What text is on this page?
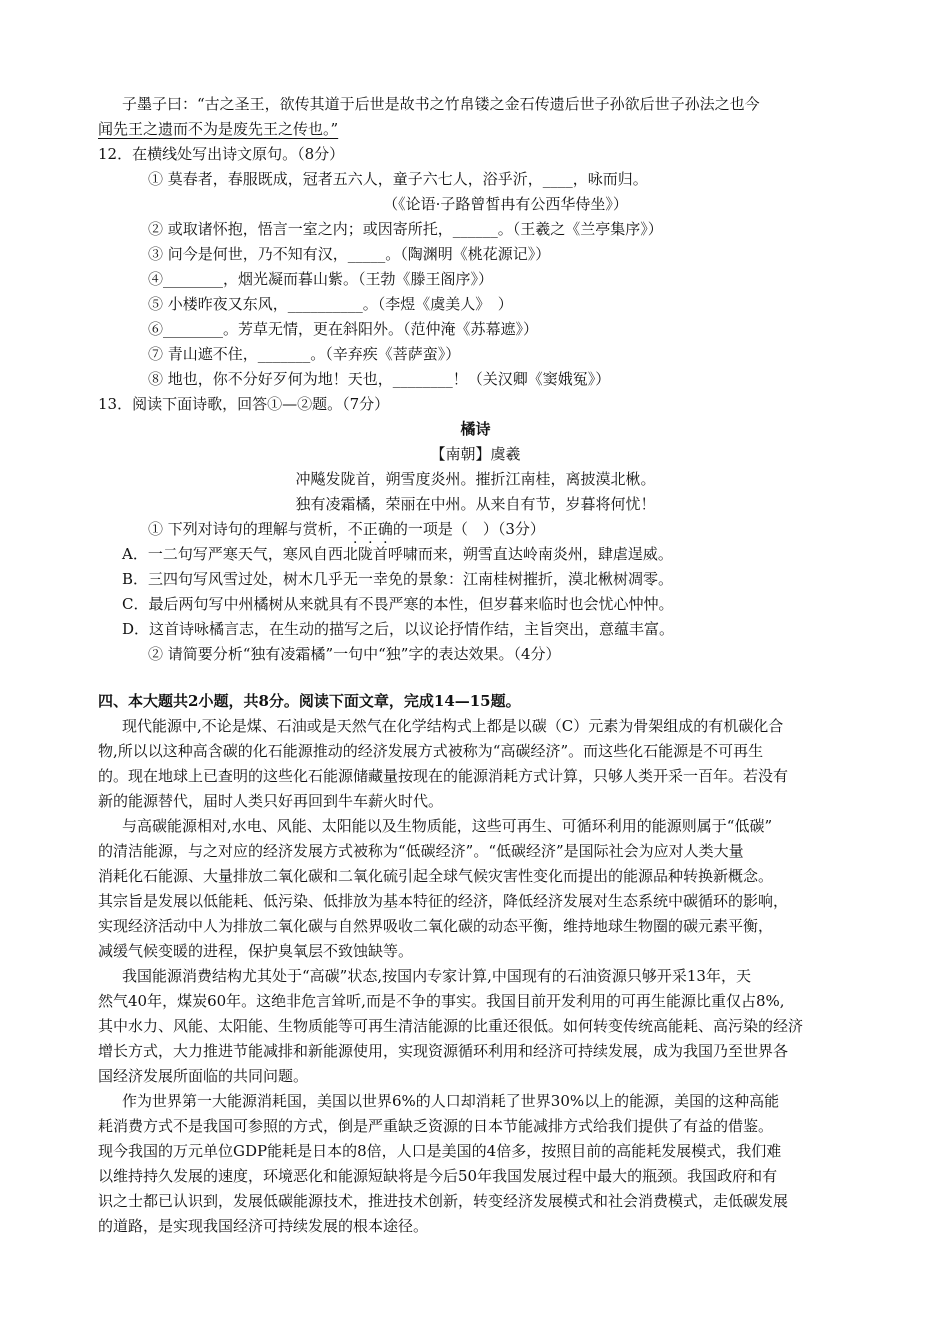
子墨子曰：“古之圣王，欲传其道于后世是故书之竹帛镂之金石传遗后世子孙欲后世子孙法之也今
闻先王之遗而不为是废先王之传也。”
12．在横线处写出诗文原句。（8分）
① 莫春者，春服既成，冠者五六人，童子六七人，浴乎沂，____，咏而归。
（《论语·子路曾皙冉有公西华侍坐》）
② 或取诸怀抱，悟言一室之内；或因寄所托，______。（王羲之《兰亭集序》）
③ 问今是何世，乃不知有汉，_____。（陶渊明《桃花源记》）
④________，烟光凝而暮山紫。（王勃《滕王阁序》）
⑤ 小楼昨夜又东风，__________。（李煜《虞美人》　）
⑥________。芳草无情，更在斜阳外。（范仲淹《苏幕遮》）
⑦ 青山遮不住，_______。（辛弃疾《菩萨蛮》）
⑧ 地也，你不分好歹何为地！天也，________！（关汉卿《窦娥冤》）
13．阅读下面诗歌，回答①—②题。（7分）
橘诗
【南朝】虞羲
冲飚发陇首，朔雪度炎州。摧折江南桂，离披漠北楸。
独有凌霜橘，荣丽在中州。从来自有节，岁暮将何忧！
① 下列对诗句的理解与赏析，不正确的一项是（　）（3分）
A．一二句写严寒天气，寒风自西北陇首呼啸而来，朔雪直达岭南炎州，肆虐逞威。
B．三四句写风雪过处，树木几乎无一幸免的景象：江南桂树摧折，漠北楸树凋零。
C．最后两句写中州橘树从来就具有不畏严寒的本性，但岁暮来临时也会忧心忡忡。
D．这首诗咏橘言志，在生动的描写之后，以议论抒情作结，主旨突出，意蕴丰富。
② 请简要分析“独有凌霜橘”一句中“独”字的表达效果。（4分）
四、本大题共2小题，共8分。阅读下面文章，完成14—15题。
现代能源中,不论是煤、石油或是天然气在化学结构式上都是以碳（C）元素为骨架组成的有机碳化合
物,所以以这种高含碳的化石能源推动的经济发展方式被称为“高碳经济”。而这些化石能源是不可再生
的。现在地球上已查明的这些化石能源储藏量按现在的能源消耗方式计算，只够人类开采一百年。若没有
新的能源替代，届时人类只好再回到牛车薪火时代。
与高碳能源相对,水电、风能、太阳能以及生物质能，这些可再生、可循环利用的能源则属于“低碳”
的清洁能源，与之对应的经济发展方式被称为“低碳经济”。“低碳经济”是国际社会为应对人类大量
消耗化石能源、大量排放二氧化碳和二氧化硫引起全球气候灾害性变化而提出的能源品种转换新概念。
其宗旨是发展以低能耗、低污染、低排放为基本特征的经济，降低经济发展对生态系统中碳循环的影响，
实现经济活动中人为排放二氧化碳与自然界吸收二氧化碳的动态平衡，维持地球生物圈的碳元素平衡，
减缓气候变暖的进程，保护臭氧层不致蚀缺等。
我国能源消费结构尤其处于“高碳”状态,按国内专家计算,中国现有的石油资源只够开采13年，天
然气40年，煤炭60年。这绝非危言耸听,而是不争的事实。我国目前开发利用的可再生能源比重仅占8%,
其中水力、风能、太阳能、生物质能等可再生清洁能源的比重还很低。如何转变传统高能耗、高污染的经济
增长方式，大力推进节能减排和新能源使用，实现资源循环利用和经济可持续发展，成为我国乃至世界各
国经济发展所面临的共同问题。
作为世界第一大能源消耗国，美国以世界6%的人口却消耗了世界30%以上的能源，美国的这种高能
耗消费方式不是我国可参照的方式，倒是严重缺乏资源的日本节能减排方式给我们提供了有益的借鉴。
现今我国的万元单位GDP能耗是日本的8倍，人口是美国的4倍多，按照目前的高能耗发展模式，我们难
以维持持久发展的速度，环境恶化和能源短缺将是今后50年我国发展过程中最大的瓶颈。我国政府和有
识之士都已认识到，发展低碳能源技术，推进技术创新，转变经济发展模式和社会消费模式，走低碳发展
的道路，是实现我国经济可持续发展的根本途径。
